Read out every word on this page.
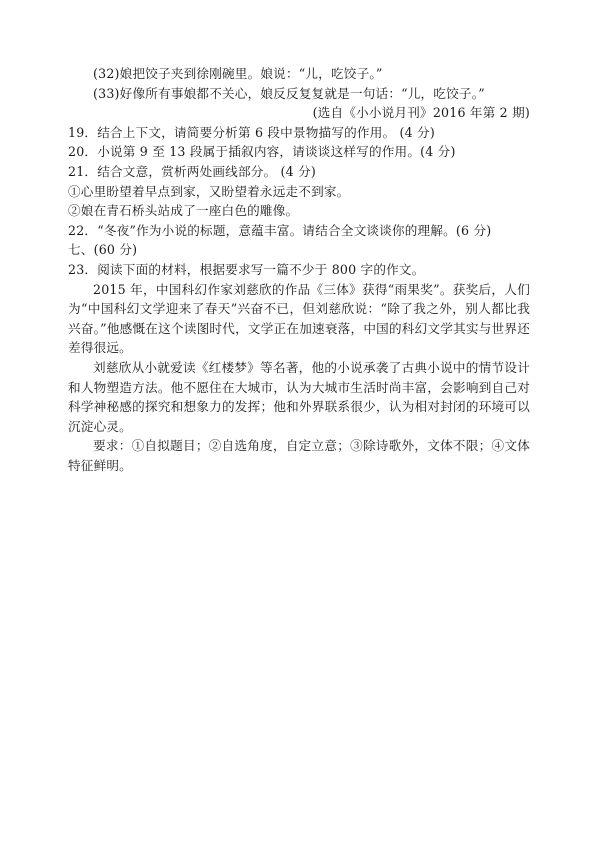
(32)娘把饺子夹到徐刚碗里。娘说：“儿，吃饺子。”
(33)好像所有事娘都不关心，娘反反复复就是一句话：“儿，吃饺子。”
(选自《小小说月刊》2016 年第 2 期)
19．结合上下文，请简要分析第 6 段中景物描写的作用。 (4 分)
20．小说第 9 至 13 段属于插叙内容，请谈谈这样写的作用。(4 分)
21．结合文意，赏析两处画线部分。 (4 分)
①心里盼望着早点到家，又盼望着永远走不到家。
②娘在青石桥头站成了一座白色的雕像。
22．“冬夜”作为小说的标题，意蕴丰富。请结合全文谈谈你的理解。(6 分)
七、(60 分)
23．阅读下面的材料，根据要求写一篇不少于 800 字的作文。
2015 年，中国科幻作家刘慈欣的作品《三体》获得“雨果奖”。获奖后，人们为“中国科幻文学迎来了春天”兴奋不已，但刘慈欣说：“除了我之外，别人都比我兴奋。”他感慨在这个读图时代，文学正在加速衰落，中国的科幻文学其实与世界还差得很远。
刘慈欣从小就爱读《红楼梦》等名著，他的小说承袭了古典小说中的情节设计和人物塑造方法。他不愿住在大城市，认为大城市生活时尚丰富，会影响到自己对科学神秘感的探究和想象力的发挥；他和外界联系很少，认为相对封闭的环境可以沉淀心灵。
要求：①自拟题目；②自选角度，自定立意；③除诗歌外，文体不限；④文体特征鲜明。
